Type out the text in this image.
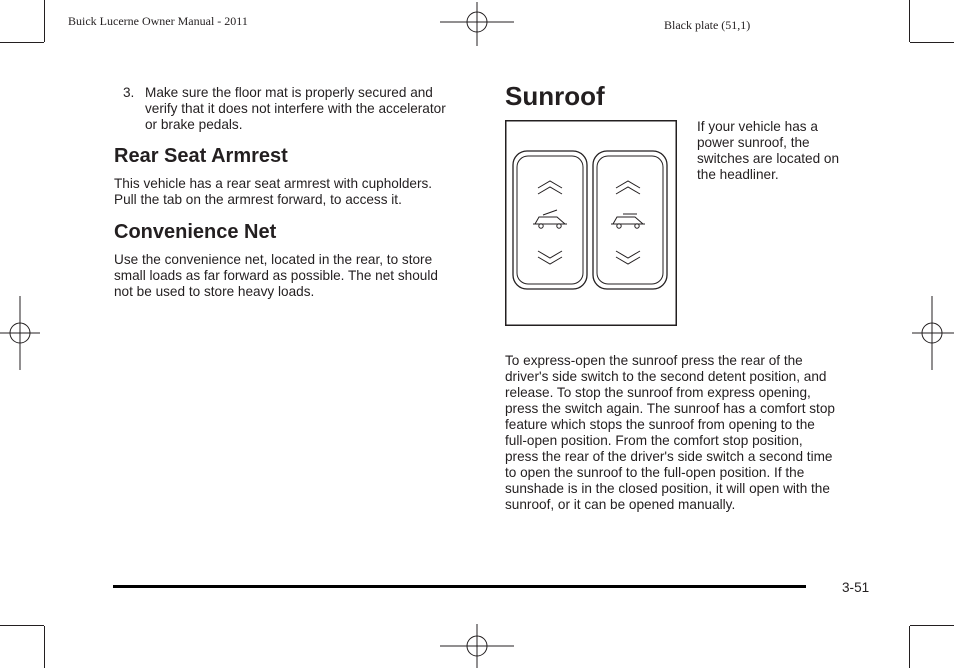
Buick Lucerne Owner Manual - 2011	Black plate (51,1)
3. Make sure the floor mat is properly secured and
verify that it does not interfere with the accelerator
or brake pedals.
Rear Seat Armrest
This vehicle has a rear seat armrest with cupholders.
Pull the tab on the armrest forward, to access it.
Convenience Net
Use the convenience net, located in the rear, to store
small loads as far forward as possible. The net should
not be used to store heavy loads.
Sunroof
If your vehicle has a
power sunroof, the
switches are located on
the headliner.
To express-open the sunroof press the rear of the
driver's side switch to the second detent position, and
release. To stop the sunroof from express opening,
press the switch again. The sunroof has a comfort stop
feature which stops the sunroof from opening to the
full-open position. From the comfort stop position,
press the rear of the driver's side switch a second time
to open the sunroof to the full-open position. If the
sunshade is in the closed position, it will open with the
sunroof, or it can be opened manually.
3-51
